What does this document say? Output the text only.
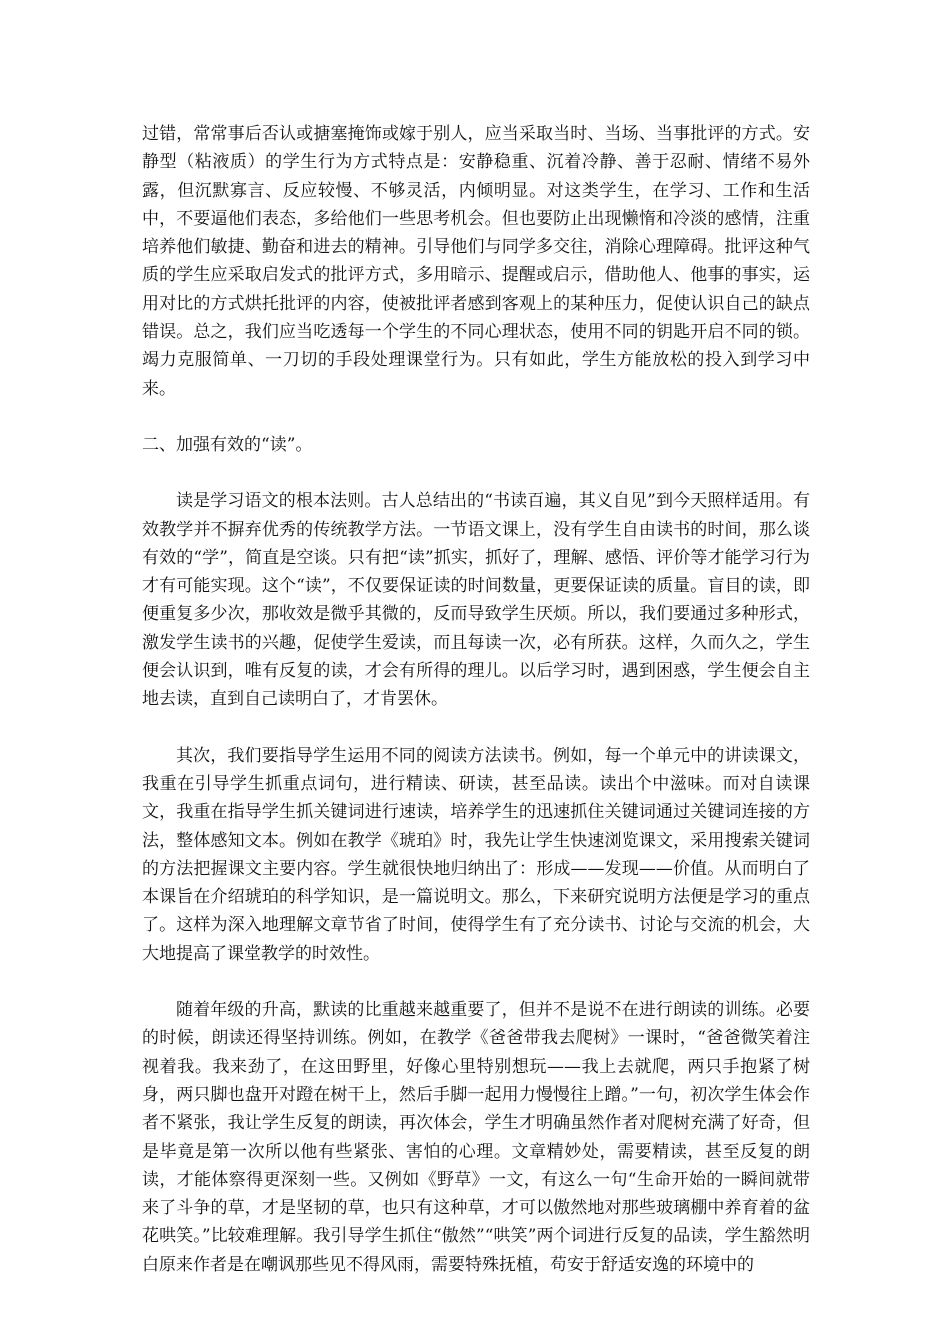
过错，常常事后否认或搪塞掩饰或嫁于别人，应当采取当时、当场、当事批评的方式。安静型（粘液质）的学生行为方式特点是：安静稳重、沉着冷静、善于忍耐、情绪不易外露，但沉默寡言、反应较慢、不够灵活，内倾明显。对这类学生，在学习、工作和生活中，不要逼他们表态，多给他们一些思考机会。但也要防止出现懒惰和冷淡的感情，注重培养他们敏捷、勤奋和进去的精神。引导他们与同学多交往，消除心理障碍。批评这种气质的学生应采取启发式的批评方式，多用暗示、提醒或启示，借助他人、他事的事实，运用对比的方式烘托批评的内容，使被批评者感到客观上的某种压力，促使认识自己的缺点错误。总之，我们应当吃透每一个学生的不同心理状态，使用不同的钥匙开启不同的锁。竭力克服简单、一刀切的手段处理课堂行为。只有如此，学生方能放松的投入到学习中来。

二、加强有效的“读”。

读是学习语文的根本法则。古人总结出的“书读百遍，其义自见”到今天照样适用。有效教学并不摒弃优秀的传统教学方法。一节语文课上，没有学生自由读书的时间，那么谈有效的“学”，简直是空谈。只有把“读”抓实，抓好了，理解、感悟、评价等才能学习行为才有可能实现。这个“读”，不仅要保证读的时间数量，更要保证读的质量。盲目的读，即便重复多少次，那收效是微乎其微的，反而导致学生厌烦。所以，我们要通过多种形式，激发学生读书的兴趣，促使学生爱读，而且每读一次，必有所获。这样，久而久之，学生便会认识到，唯有反复的读，才会有所得的理儿。以后学习时，遇到困惑，学生便会自主地去读，直到自己读明白了，才肯罢休。

其次，我们要指导学生运用不同的阅读方法读书。例如，每一个单元中的讲读课文，我重在引导学生抓重点词句，进行精读、研读，甚至品读。读出个中滋味。而对自读课文，我重在指导学生抓关键词进行速读，培养学生的迅速抓住关键词通过关键词连接的方法，整体感知文本。例如在教学《琥珀》时，我先让学生快速浏览课文，采用搜索关键词的方法把握课文主要内容。学生就很快地归纳出了：形成——发现——价值。从而明白了本课旨在介绍琥珀的科学知识，是一篇说明文。那么，下来研究说明方法便是学习的重点了。这样为深入地理解文章节省了时间，使得学生有了充分读书、讨论与交流的机会，大大地提高了课堂教学的时效性。

随着年级的升高，默读的比重越来越重要了，但并不是说不在进行朗读的训练。必要的时候，朗读还得坚持训练。例如，在教学《爸爸带我去爬树》一课时，“爸爸微笑着注视着我。我来劲了，在这田野里，好像心里特别想玩——我上去就爬，两只手抱紧了树身，两只脚也盘开对蹬在树干上，然后手脚一起用力慢慢往上蹭。”一句，初次学生体会作者不紧张，我让学生反复的朗读，再次体会，学生才明确虽然作者对爬树充满了好奇，但是毕竟是第一次所以他有些紧张、害怕的心理。文章精妙处，需要精读，甚至反复的朗读，才能体察得更深刻一些。又例如《野草》一文，有这么一句“生命开始的一瞬间就带来了斗争的草，才是坚韧的草，也只有这种草，才可以傲然地对那些玻璃棚中养育着的盆花哄笑。”比较难理解。我引导学生抓住“傲然”“哄笑”两个词进行反复的品读，学生豁然明白原来作者是在嘲讽那些见不得风雨，需要特殊抚植，苟安于舒适安逸的环境中的
